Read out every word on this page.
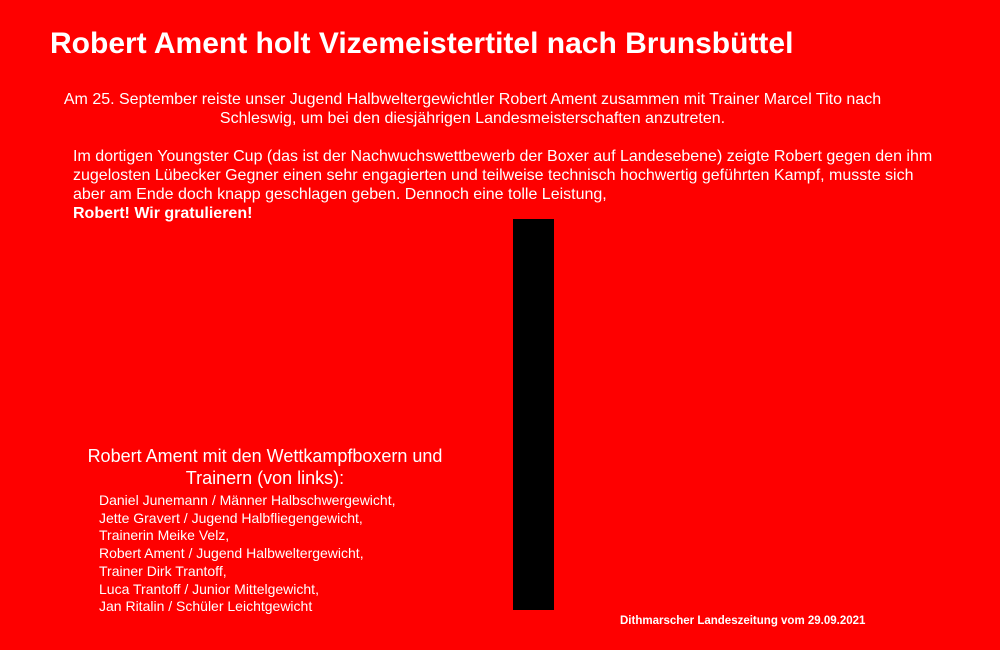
Robert Ament holt Vizemeistertitel nach Brunsbüttel

Am 25. September reiste unser Jugend Halbweltergewichtler Robert Ament zusammen mit Trainer Marcel Tito nach Schleswig, um bei den diesjährigen Landesmeisterschaften anzutreten.

Im dortigen Youngster Cup (das ist der Nachwuchswettbewerb der Boxer auf Landesebene) zeigte Robert gegen den ihm zugelosten Lübecker Gegner einen sehr engagierten und teilweise technisch hochwertig geführten Kampf, musste sich aber am Ende doch knapp geschlagen geben. Dennoch eine tolle Leistung,
Robert! Wir gratulieren!

Robert Ament mit den Wettkampfboxern und Trainern (von links):

Daniel Junemann / Männer Halbschwergewicht,
Jette Gravert / Jugend Halbfliegengewicht,
Trainerin Meike Velz,
Robert Ament / Jugend Halbweltergewicht,
Trainer Dirk Trantoff,
Luca Trantoff / Junior Mittelgewicht,
Jan Ritalin / Schüler Leichtgewicht

Dithmarscher Landeszeitung vom 29.09.2021
